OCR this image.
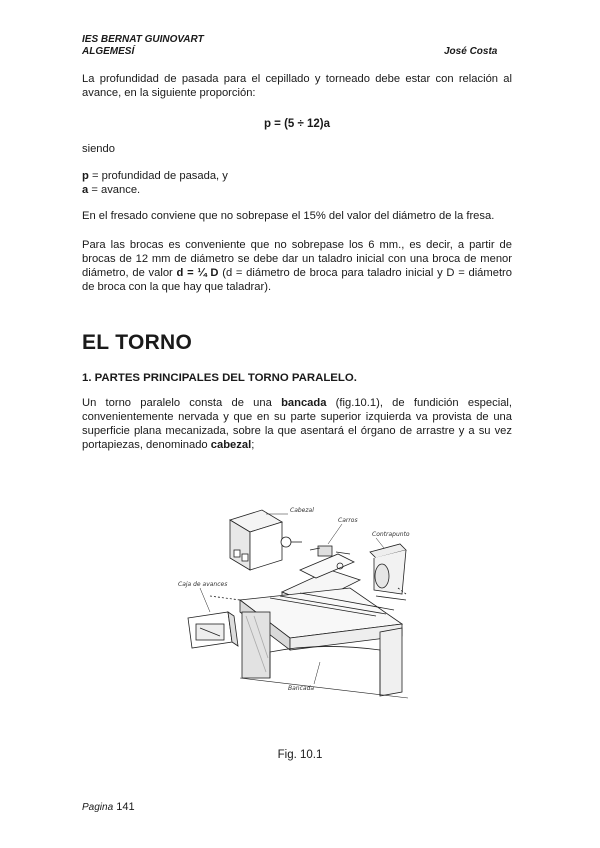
IES BERNAT GUINOVART
ALGEMESÍ	José Costa

La profundidad de pasada para el cepillado y torneado debe estar con relación al avance, en la siguiente proporción:

p = (5 ÷ 12)a
siendo
p = profundidad de pasada, y
a = avance.

En el fresado conviene que no sobrepase el 15% del valor del diámetro de la fresa.

Para las brocas es conveniente que no sobrepase los 6 mm., es decir, a partir de brocas de 12 mm de diámetro se debe dar un taladro inicial con una broca de menor diámetro, de valor d = ¼ D (d = diámetro de broca para taladro inicial y D = diámetro de broca con la que hay que taladrar).

EL TORNO
1. PARTES PRINCIPALES DEL TORNO PARALELO.

Un torno paralelo consta de una bancada (fig.10.1), de fundición especial, convenientemente nervada y que en su parte superior izquierda va provista de una superficie plana mecanizada, sobre la que asentará el órgano de arrastre y a su vez portapiezas, denominado cabezal;

Cabezal
Carros
Contrapunto
Caja de avances
Bancada
Fig. 10.1
Pagina 141
